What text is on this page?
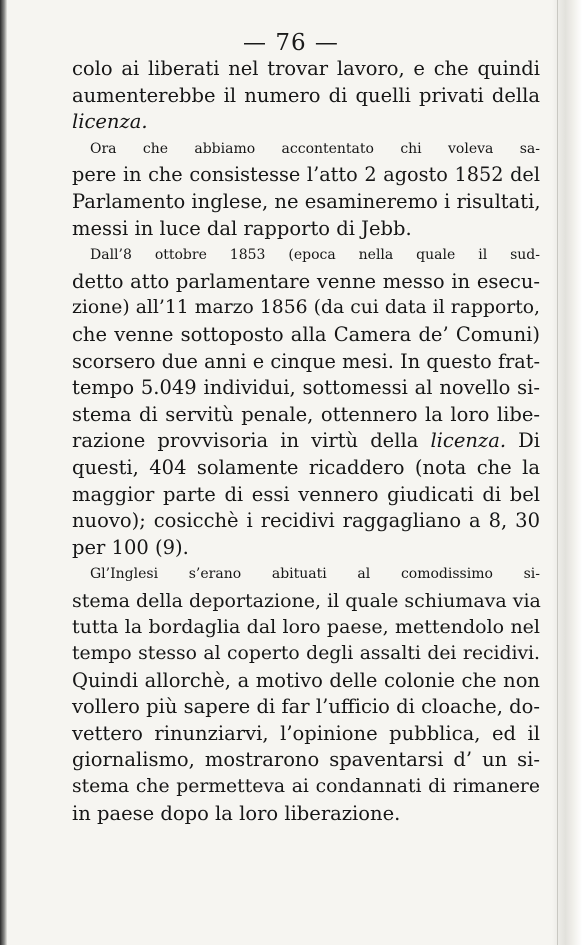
— 76 —
colo ai liberati nel trovar lavoro, e che quindi
aumenterebbe il numero di quelli privati della
licenza.
Ora che abbiamo accontentato chi voleva sa-
pere in che consistesse l’atto 2 agosto 1852 del
Parlamento inglese, ne esamineremo i risultati,
messi in luce dal rapporto di Jebb.
Dall’8 ottobre 1853 (epoca nella quale il sud-
detto atto parlamentare venne messo in esecu-
zione) all’11 marzo 1856 (da cui data il rapporto,
che venne sottoposto alla Camera de’ Comuni)
scorsero due anni e cinque mesi. In questo frat-
tempo 5.049 individui, sottomessi al novello si-
stema di servitù penale, ottennero la loro libe-
razione provvisoria in virtù della licenza. Di
questi, 404 solamente ricaddero (nota che la
maggior parte di essi vennero giudicati di bel
nuovo); cosicchè i recidivi raggagliano a 8, 30
per 100 (9).
Gl’Inglesi s’erano abituati al comodissimo si-
stema della deportazione, il quale schiumava via
tutta la bordaglia dal loro paese, mettendolo nel
tempo stesso al coperto degli assalti dei recidivi.
Quindi allorchè, a motivo delle colonie che non
vollero più sapere di far l’ufficio di cloache, do-
vettero rinunziarvi, l’opinione pubblica, ed il
giornalismo, mostrarono spaventarsi d’ un si-
stema che permetteva ai condannati di rimanere
in paese dopo la loro liberazione.
